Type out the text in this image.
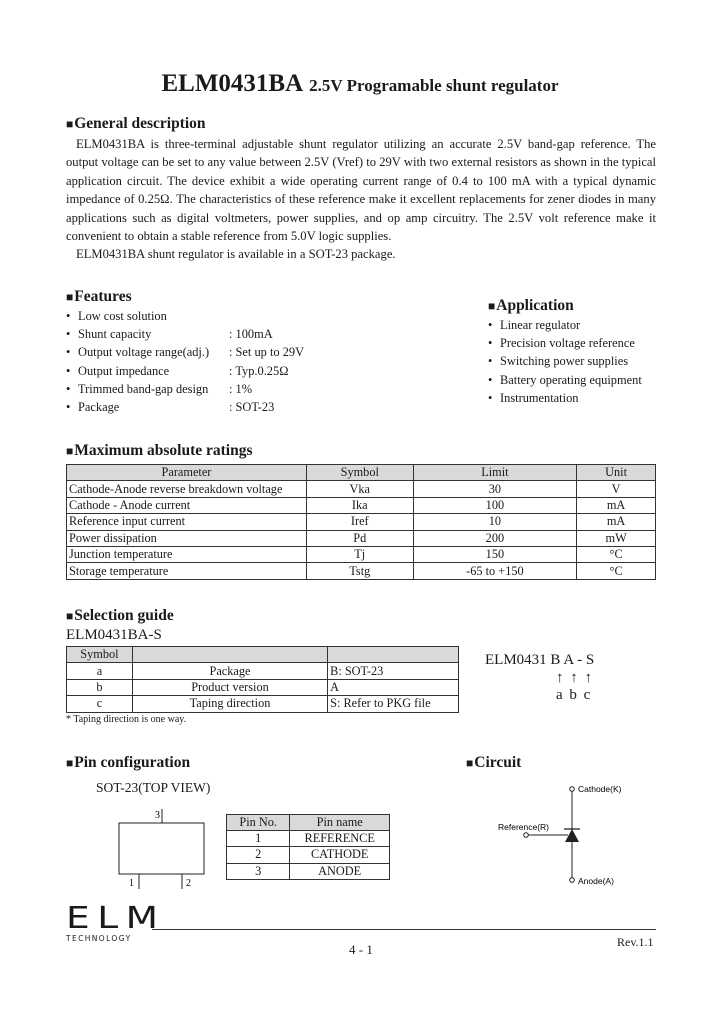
ELM0431BA 2.5V Programable shunt regulator
■General description

ELM0431BA is three-terminal adjustable shunt regulator utilizing an accurate 2.5V band-gap reference. The output voltage can be set to any value between 2.5V (Vref) to 29V with two external resistors as shown in the typical application circuit. The device exhibit a wide operating current range of 0.4 to 100 mA with a typical dynamic impedance of 0.25Ω. The characteristics of these reference make it excellent replacements for zener diodes in many applications such as digital voltmeters, power supplies, and op amp circuitry. The 2.5V volt reference make it convenient to obtain a stable reference from 5.0V logic supplies.

ELM0431BA shunt regulator is available in a SOT-23 package.

■Features
• Low cost solution
• Shunt capacity	: 100mA
• Output voltage range(adj.)	: Set up to 29V
• Output impedance	: Typ.0.25Ω
• Trimmed band-gap design	: 1%
• Package	: SOT-23
■Application
• Linear regulator
• Precision voltage reference
• Switching power supplies
• Battery operating equipment
• Instrumentation
■Maximum absolute ratings
Parameter	Symbol	Limit	Unit
Cathode-Anode reverse breakdown voltage	Vka	30	V
Cathode - Anode current	Ika	100	mA
Reference input current	Iref	10	mA
Power dissipation	Pd	200	mW
Junction temperature	Tj	150	°C
Storage temperature	Tstg	-65 to +150	°C
■Selection guide
ELM0431BA-S
Symbol		
a	Package	B: SOT-23
b	Product version	A
c	Taping direction	S: Refer to PKG file
* Taping direction is one way.
ELM0431 B A - S
↑ ↑ ↑
a b c
■Pin configuration
SOT-23(TOP VIEW)
3
1	2
Pin No.	Pin name
1	REFERENCE
2	CATHODE
3	ANODE
■Circuit
Cathode(K)
Reference(R)
Anode(A)
ELM
TECHNOLOGY
4 - 1	Rev.1.1
